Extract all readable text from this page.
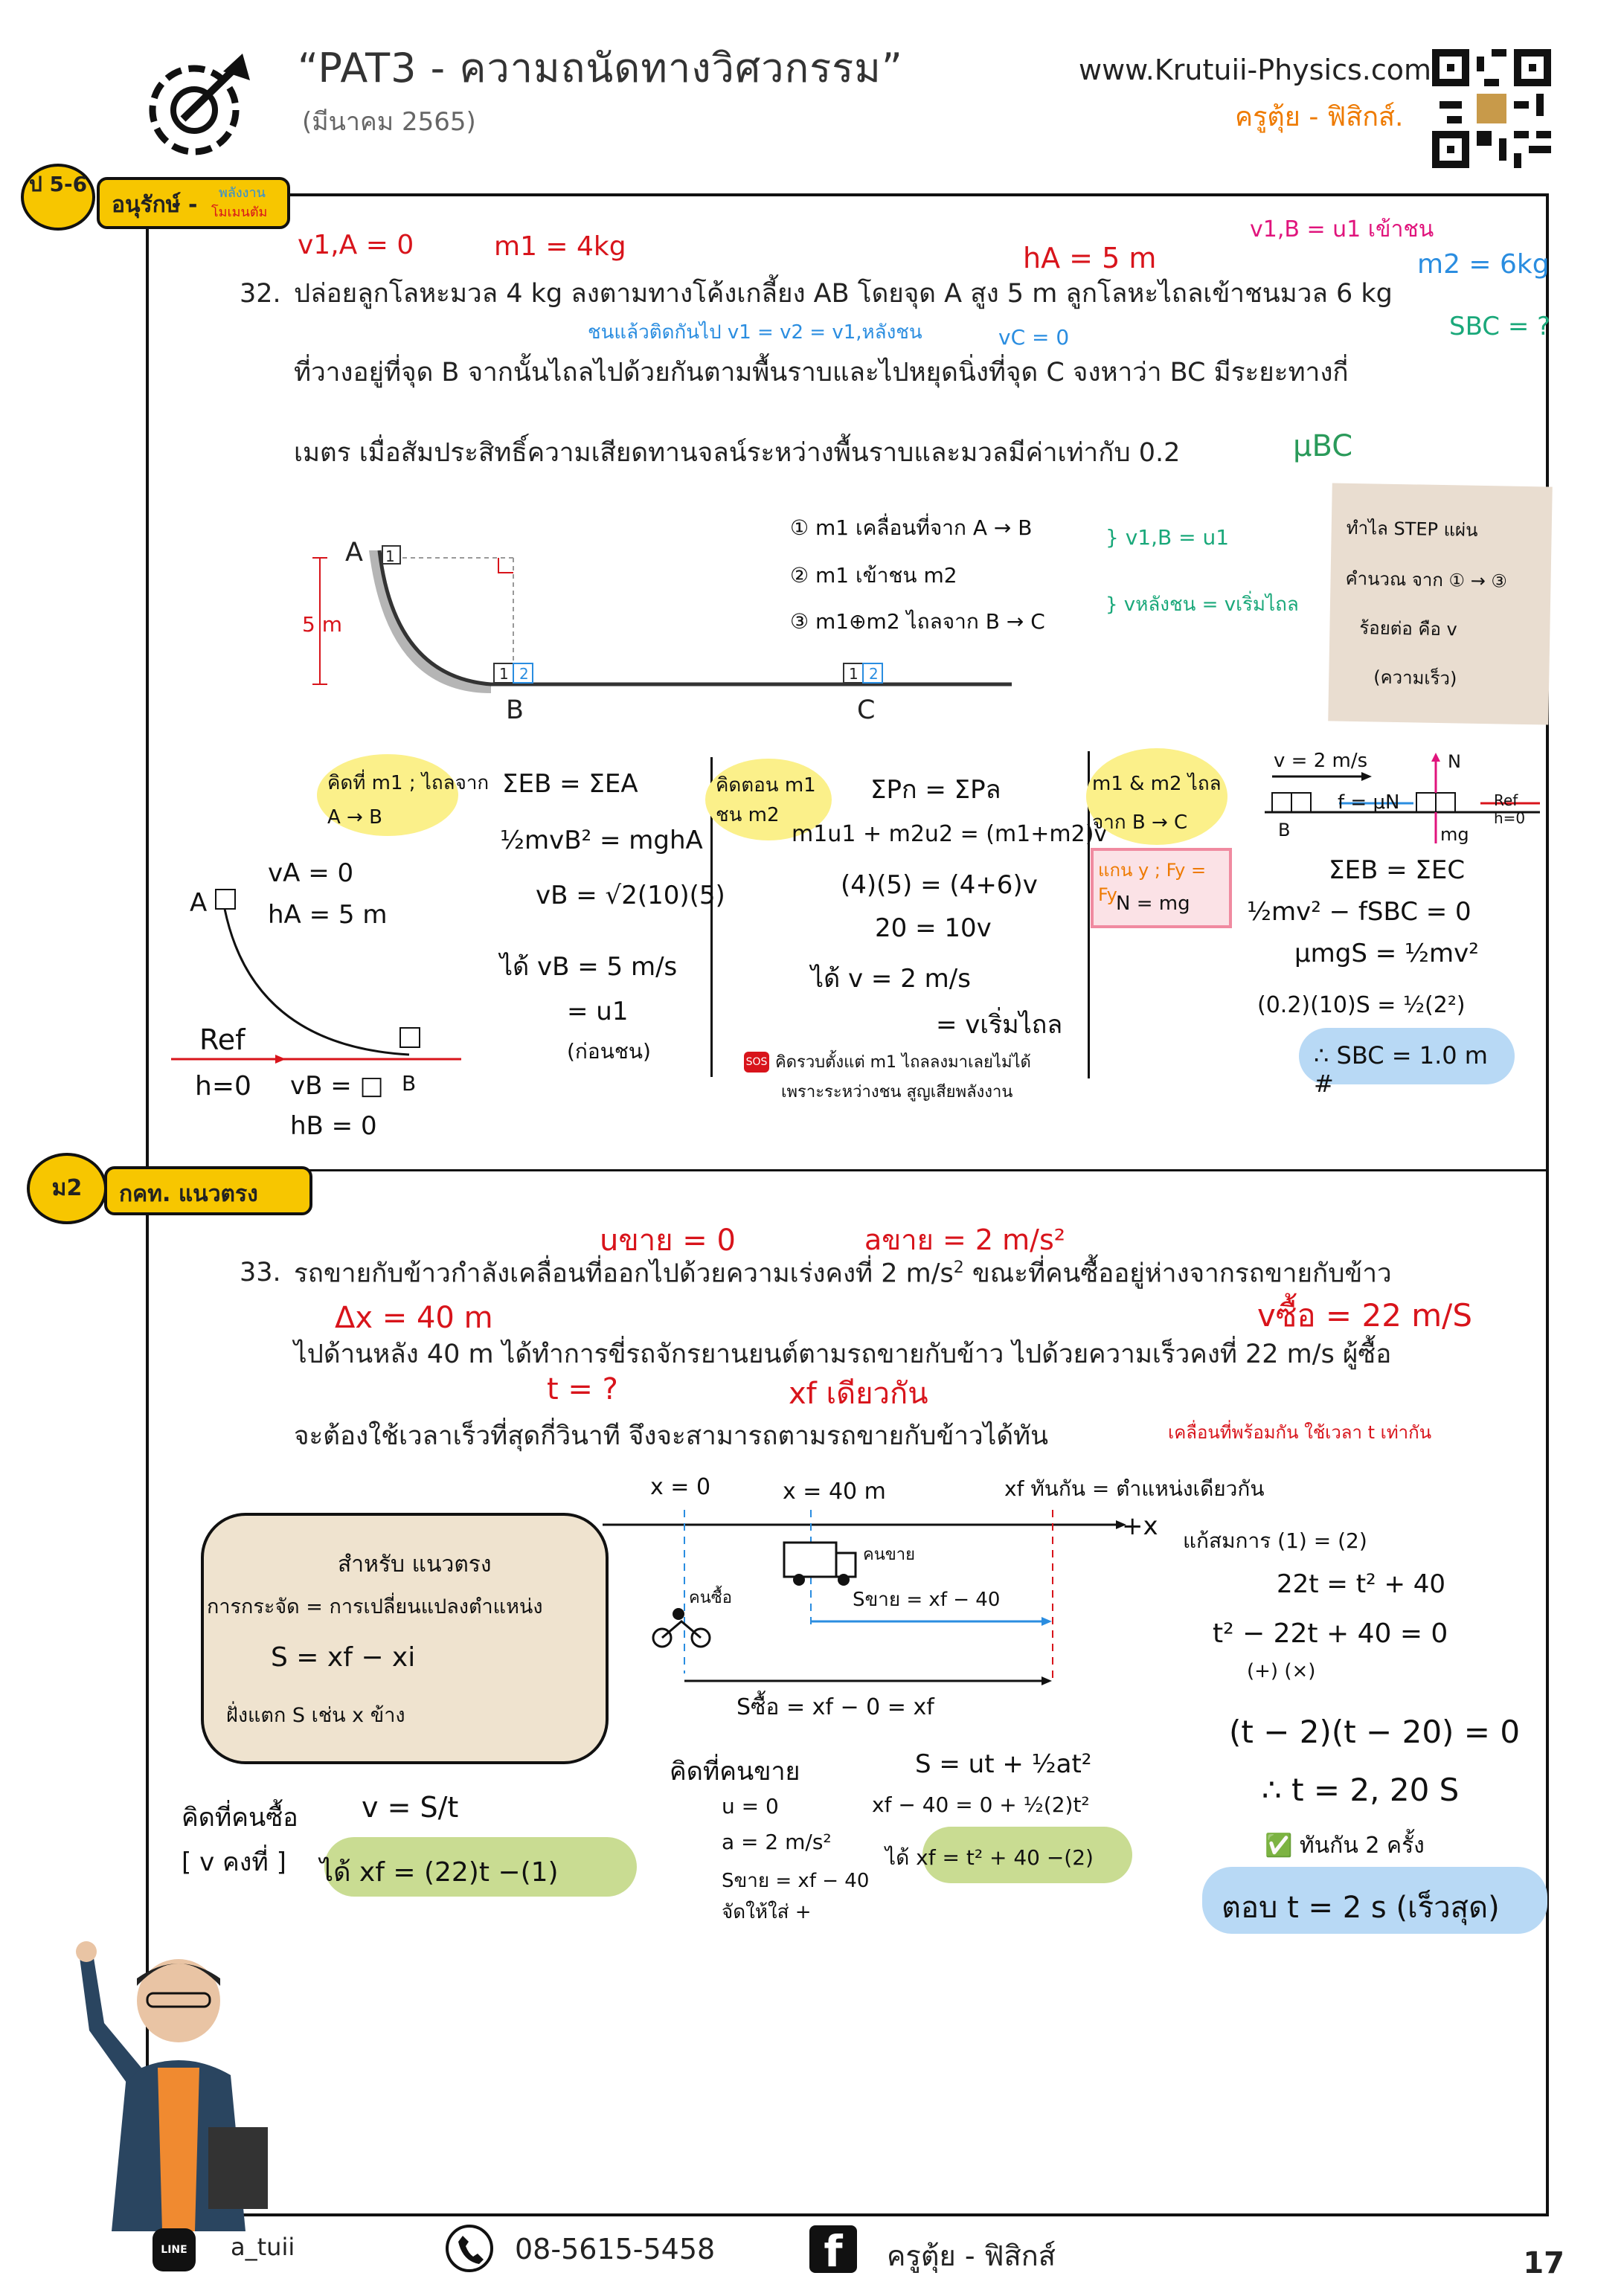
“PAT3 - ความถนัดทางวิศวกรรม”
(มีนาคม 2565)
www.Krutuii-Physics.com
ครูตุ้ย - ฟิสิกส์.
ป 5-6
อนุรักษ์ - พลังงาน
โมเมนตัม
ม2	กคท. แนวตรง
v1,A = 0	m1 = 4kg	hA = 5 m
v1,B = u1 เข้าชน
m2 = 6kg
32. ปล่อยลูกโลหะมวล 4 kg ลงตามทางโค้งเกลี้ยง AB โดยจุด A สูง 5 m ลูกโลหะไถลเข้าชนมวล 6 kg
ชนแล้วติดกันไป v1 = v2 = v1,หลังชน	vC = 0	SBC = ?
ที่วางอยู่ที่จุด B จากนั้นไถลไปด้วยกันตามพื้นราบและไปหยุดนิ่งที่จุด C จงหาว่า BC มีระยะทางกี่
เมตร เมื่อสัมประสิทธิ์ความเสียดทานจลน์ระหว่างพื้นราบและมวลมีค่าเท่ากับ 0.2	μBC
A 1
1 2	1 2
5 m
B	C
① m1 เคลื่อนที่จาก A → B
② m1 เข้าชน m2
③ m1⊕m2 ไถลจาก B → C
} v1,B = u1
} vหลังชน = vเริ่มไถล
ทำไล STEP แผ่น
คำนวณ จาก ① → ③
ร้อยต่อ คือ v
(ความเร็ว)
คิดที่ m1 ; ไถลจาก A → B
vA = 0
hA = 5 m
A
Ref
h=0	B
vB = □
hB = 0
ΣEB = ΣEA
½mvB² = mghA
vB = √2(10)(5)
ได้ vB = 5 m/s
= u1
(ก่อนชน)
คิดตอน m1 ชน m2
ΣPก = ΣPล
m1u1 + m2u2 = (m1+m2)v
(4)(5) = (4+6)v
20 = 10v
ได้ v = 2 m/s
= vเริ่มไถล
SOS คิดรวบตั้งแต่ m1 ไถลลงมาเลยไม่ได้
เพราะระหว่างชน สูญเสียพลังงาน
m1 & m2 ไถลจาก B → C
แกน y ; Fy = Fy
N = mg
v = 2 m/s
f = μN
N
mg
Ref h=0
B
ΣEB = ΣEC
½mv² − fSBC = 0
μmgS = ½mv²
(0.2)(10)S = ½(2²)
∴ SBC = 1.0 m #
uขาย = 0	aขาย = 2 m/s²
33. รถขายกับข้าวกำลังเคลื่อนที่ออกไปด้วยความเร่งคงที่ 2 $m/s^2$ ขณะที่คนซื้ออยู่ห่างจากรถขายกับข้าว
Δx = 40 m	vซื้อ = 22 m/S
ไปด้านหลัง 40 m ได้ทำการขี่รถจักรยานยนต์ตามรถขายกับข้าว ไปด้วยความเร็วคงที่ 22 m/s ผู้ซื้อ
t = ?	xf เดียวกัน
จะต้องใช้เวลาเร็วที่สุดกี่วินาที จึงจะสามารถตามรถขายกับข้าวได้ทัน	เคลื่อนที่พร้อมกัน ใช้เวลา t เท่ากัน
สำหรับ แนวตรง
การกระจัด = การเปลี่ยนแปลงตำแหน่ง
S = xf − xi
ฝั่งแตก S เช่น x ข้าง
x = 0	x = 40 m	xf ทันกัน = ตำแหน่งเดียวกัน
+x
คนขาย
คนซื้อ	Sขาย = xf − 40
Sซื้อ = xf − 0 = xf
คิดที่คนซื้อ
[ v คงที่ ]
v = S/t
ได้ xf = (22)t −(1)
คิดที่คนขาย
u = 0
a = 2 m/s²
Sขาย = xf − 40
จัดให้ใส่ +
S = ut + ½at²
xf − 40 = 0 + ½(2)t²
ได้ xf = t² + 40 −(2)
แก้สมการ (1) = (2)
22t = t² + 40
t² − 22t + 40 = 0
(+) (×)
(t − 2)(t − 20) = 0
∴ t = 2, 20 S
✅ ทันกัน 2 ครั้ง
ตอบ t = 2 s (เร็วสุด)
LINE	a_tuii	08-5615-5458	f	ครูตุ้ย - ฟิสิกส์	17
